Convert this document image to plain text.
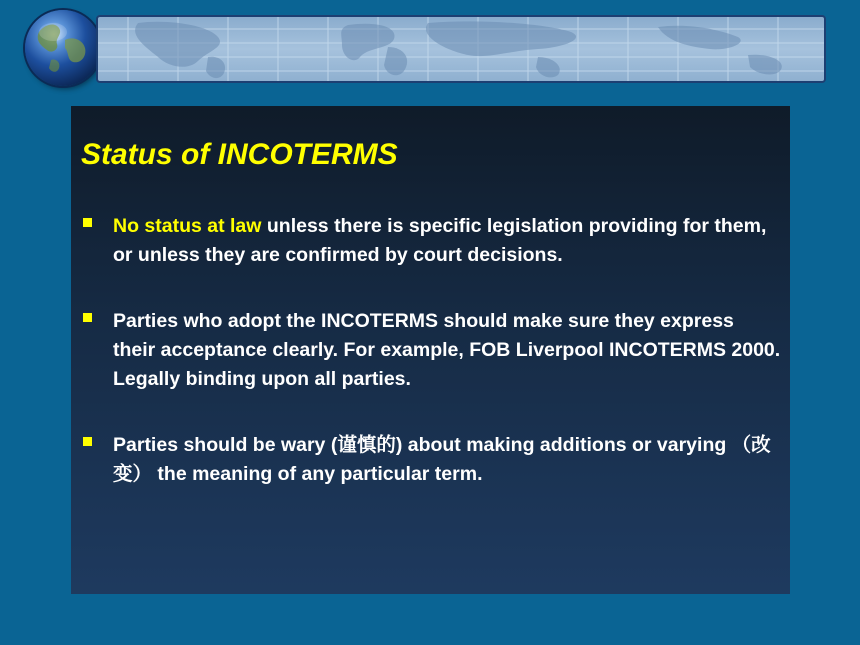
Status of INCOTERMS
No status at law unless there is specific legislation providing for them, or unless they are confirmed by court decisions.
Parties who adopt the INCOTERMS should make sure they express their acceptance clearly. For example, FOB Liverpool INCOTERMS 2000. Legally binding upon all parties.
Parties should be wary (谨慎的) about making additions or varying （改变） the meaning of any particular term.
